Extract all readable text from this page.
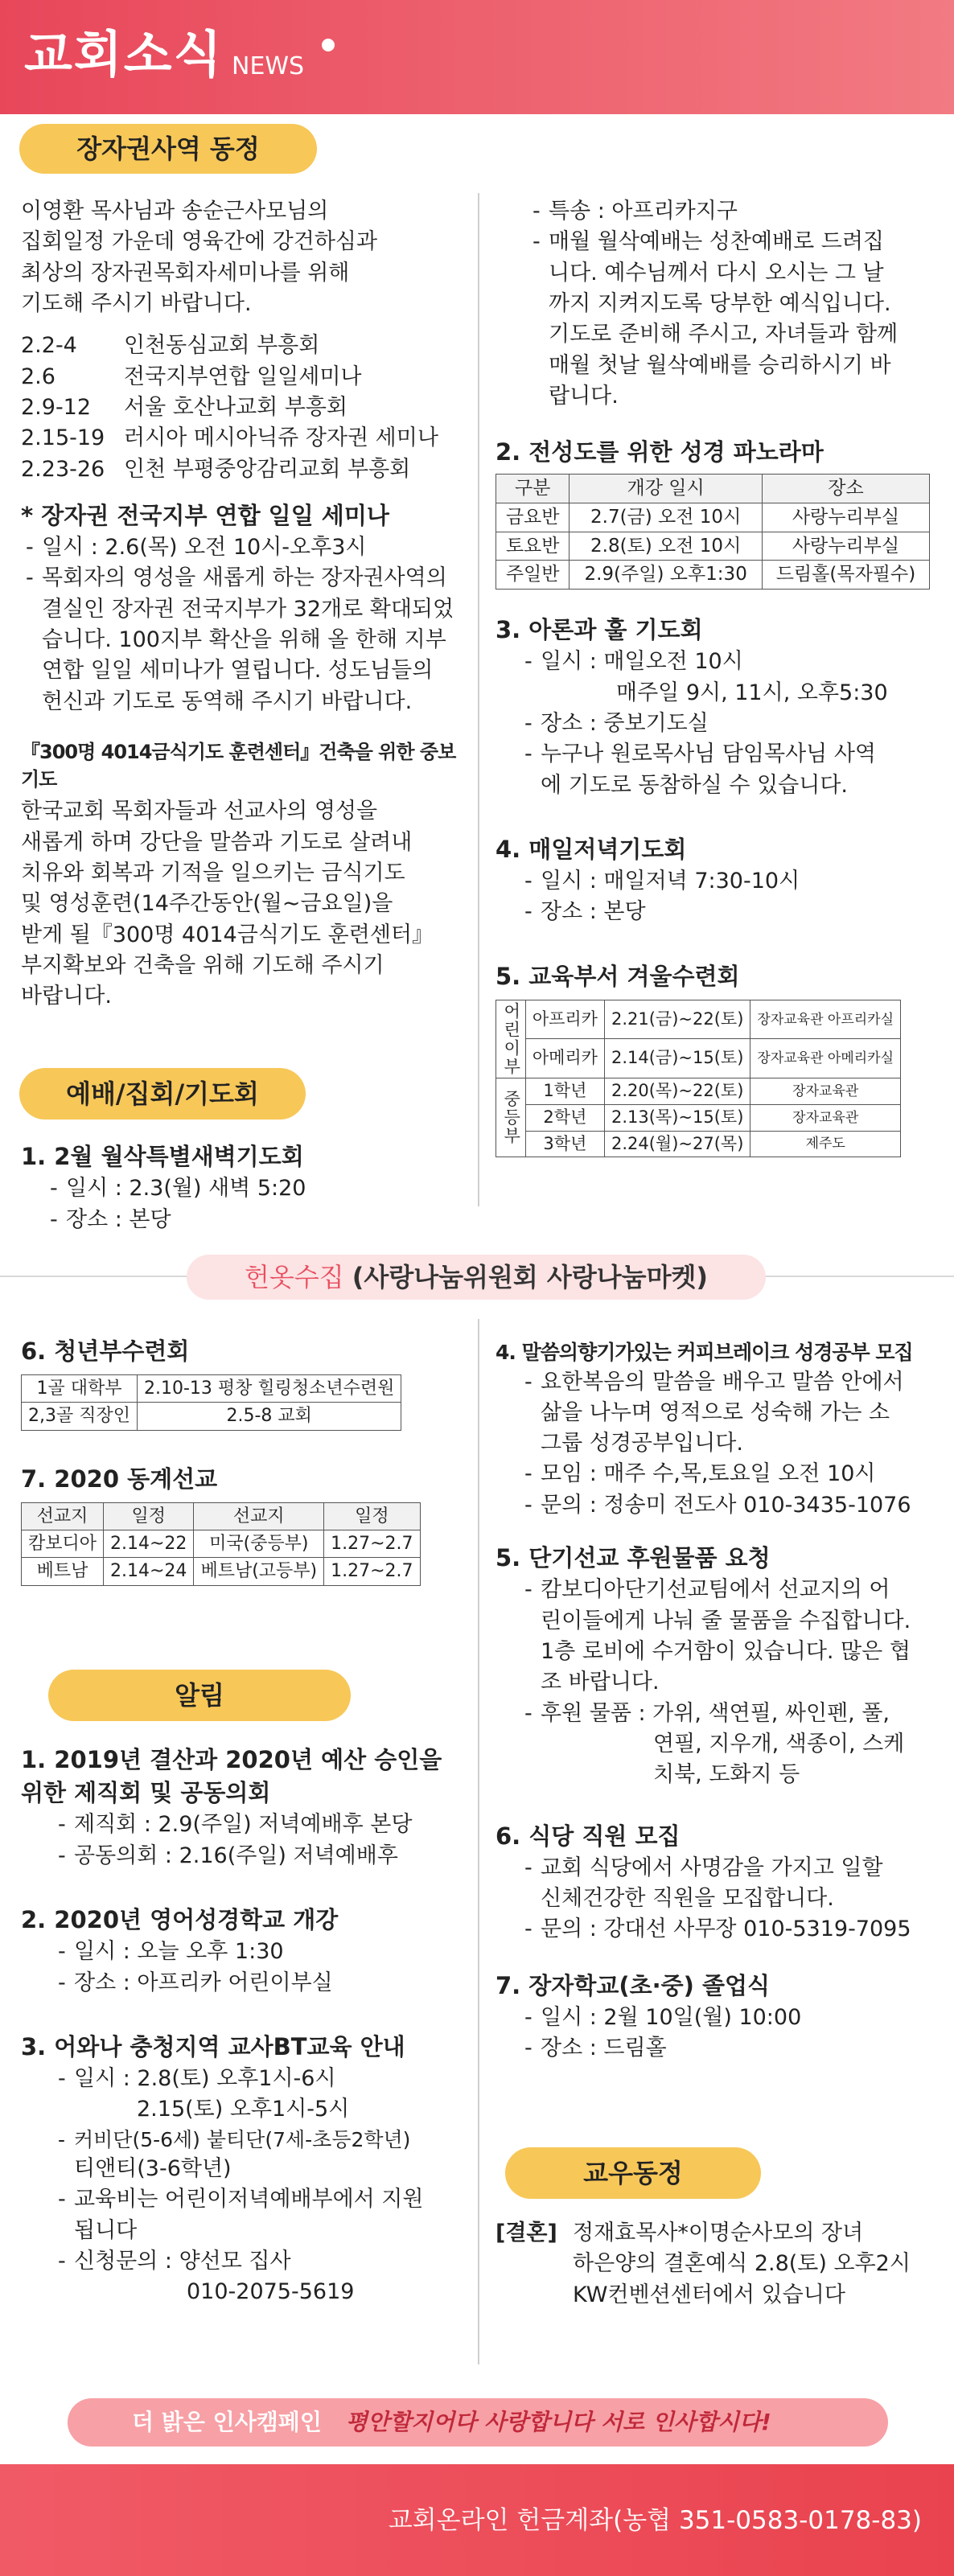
교회소식 NEWS
장자권사역 동정
이영환 목사님과 송순근사모님의
집회일정 가운데 영육간에 강건하심과
최상의 장자권목회자세미나를 위해
기도해 주시기 바랍니다.
2.2-4	인천동심교회 부흥회
2.6	전국지부연합 일일세미나
2.9-12	서울 호산나교회 부흥회
2.15-19 러시아 메시아닉쥬 장자권 세미나
2.23-26 인천 부평중앙감리교회 부흥회
* 장자권 전국지부 연합 일일 세미나
- 일시 : 2.6(목) 오전 10시-오후3시
- 목회자의 영성을 새롭게 하는 장자권사역의
결실인 장자권 전국지부가 32개로 확대되었
습니다. 100지부 확산을 위해 올 한해 지부
연합 일일 세미나가 열립니다. 성도님들의
헌신과 기도로 동역해 주시기 바랍니다.
『300명 4014금식기도 훈련센터』건축을 위한 중보기도
한국교회 목회자들과 선교사의 영성을
새롭게 하며 강단을 말씀과 기도로 살려내
치유와 회복과 기적을 일으키는 금식기도
및 영성훈련(14주간동안(월~금요일)을
받게 될『300명 4014금식기도 훈련센터』
부지확보와 건축을 위해 기도해 주시기
바랍니다.
- 특송 : 아프리카지구
- 매월 월삭예배는 성찬예배로 드려집
니다. 예수님께서 다시 오시는 그 날
까지 지켜지도록 당부한 예식입니다.
기도로 준비해 주시고, 자녀들과 함께
매월 첫날 월삭예배를 승리하시기 바
랍니다.
2. 전성도를 위한 성경 파노라마
구분	개강 일시	장소
금요반	2.7(금) 오전 10시	사랑누리부실
토요반	2.8(토) 오전 10시	사랑누리부실
주일반	2.9(주일) 오후1:30	드림홀(목자필수)
3. 아론과 훌 기도회
- 일시 : 매일오전 10시
매주일 9시, 11시, 오후5:30
- 장소 : 중보기도실
- 누구나 원로목사님 담임목사님 사역
에 기도로 동참하실 수 있습니다.
4. 매일저녁기도회
- 일시 : 매일저녁 7:30-10시
- 장소 : 본당
5. 교육부서 겨울수련회
어린이부	아프리카	2.21(금)~22(토)	장자교육관 아프리카실
	아메리카	2.14(금)~15(토)	장자교육관 아메리카실
중등부	1학년	2.20(목)~22(토)	장자교육관
	2학년	2.13(목)~15(토)	장자교육관
	3학년	2.24(월)~27(목)	제주도
예배/집회/기도회
1. 2월 월삭특별새벽기도회
- 일시 : 2.3(월) 새벽 5:20
- 장소 : 본당
헌옷수집 (사랑나눔위원회 사랑나눔마켓)
6. 청년부수련회
1골 대학부	2.10-13 평창 힐링청소년수련원
2,3골 직장인	2.5-8 교회
7. 2020 동계선교
선교지	일정	선교지	일정
캄보디아	2.14~22	미국(중등부)	1.27~2.7
베트남	2.14~24	베트남(고등부)	1.27~2.7
알림
1. 2019년 결산과 2020년 예산 승인을
위한 제직회 및 공동의회
- 제직회 : 2.9(주일) 저녁예배후 본당
- 공동의회 : 2.16(주일) 저녁예배후
2. 2020년 영어성경학교 개강
- 일시 : 오늘 오후 1:30
- 장소 : 아프리카 어린이부실
3. 어와나 충청지역 교사BT교육 안내
- 일시 : 2.8(토) 오후1시-6시
2.15(토) 오후1시-5시
- 커비단(5-6세) 붙티단(7세-초등2학년)
티앤티(3-6학년)
- 교육비는 어린이저녁예배부에서 지원
됩니다
- 신청문의 : 양선모 집사
010-2075-5619
4. 말씀의향기가있는 커피브레이크 성경공부 모집
- 요한복음의 말씀을 배우고 말씀 안에서
삶을 나누며 영적으로 성숙해 가는 소
그룹 성경공부입니다.
- 모임 : 매주 수,목,토요일 오전 10시
- 문의 : 정송미 전도사 010-3435-1076
5. 단기선교 후원물품 요청
- 캄보디아단기선교팀에서 선교지의 어
린이들에게 나눠 줄 물품을 수집합니다.
1층 로비에 수거함이 있습니다. 많은 협
조 바랍니다.
- 후원 물품 : 가위, 색연필, 싸인펜, 풀,
연필, 지우개, 색종이, 스케
치북, 도화지 등
6. 식당 직원 모집
- 교회 식당에서 사명감을 가지고 일할
신체건강한 직원을 모집합니다.
- 문의 : 강대선 사무장 010-5319-7095
7. 장자학교(초·중) 졸업식
- 일시 : 2월 10일(월) 10:00
- 장소 : 드림홀
교우동정
[결혼] 정재효목사*이명순사모의 장녀
하은양의 결혼예식 2.8(토) 오후2시
KW컨벤션센터에서 있습니다
더 밝은 인사캠페인 평안할지어다 사랑합니다 서로 인사합시다!
교회온라인 헌금계좌(농협 351-0583-0178-83)
